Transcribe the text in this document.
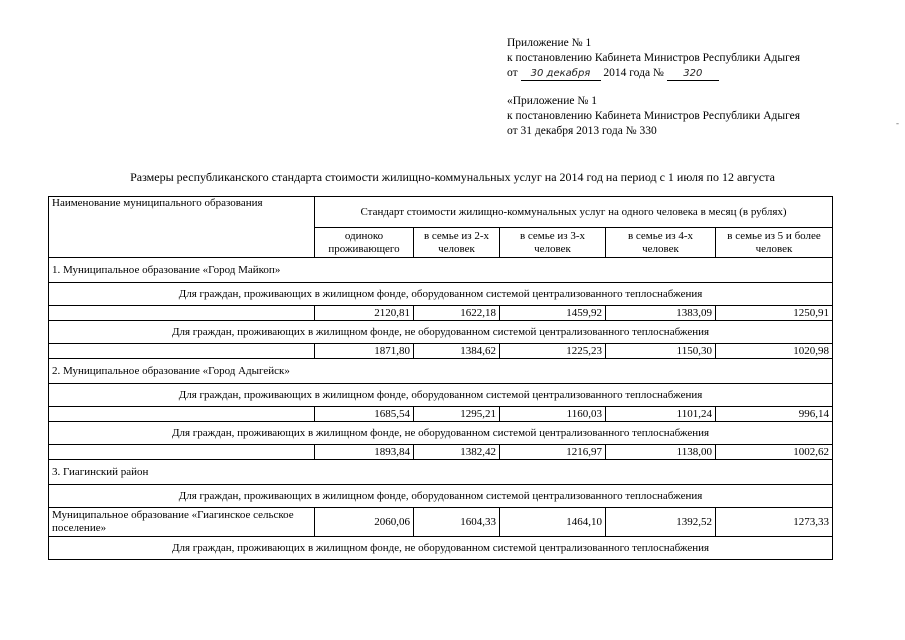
Приложение № 1
к постановлению Кабинета Министров Республики Адыгея
от 30 декабря 2014 года № 320
«Приложение № 1
к постановлению Кабинета Министров Республики Адыгея
от 31 декабря 2013 года № 330
-
Размеры республиканского стандарта стоимости жилищно-коммунальных услуг на 2014 год на период с 1 июля по 12 августа
Наименование муниципального образования	Стандарт стоимости жилищно-коммунальных услуг на одного человека в месяц (в рублях)				
	одиноко проживающего	в семье из 2-х человек	в семье из 3-х человек	в семье из 4-х человек	в семье из 5 и более человек
1. Муниципальное образование «Город Майкоп»					
Для граждан, проживающих в жилищном фонде, оборудованном системой централизованного теплоснабжения					
	2120,81	1622,18	1459,92	1383,09	1250,91
Для граждан, проживающих в жилищном фонде, не оборудованном системой централизованного теплоснабжения					
	1871,80	1384,62	1225,23	1150,30	1020,98
2. Муниципальное образование «Город Адыгейск»					
Для граждан, проживающих в жилищном фонде, оборудованном системой централизованного теплоснабжения					
	1685,54	1295,21	1160,03	1101,24	996,14
Для граждан, проживающих в жилищном фонде, не оборудованном системой централизованного теплоснабжения					
	1893,84	1382,42	1216,97	1138,00	1002,62
3. Гиагинский район					
Для граждан, проживающих в жилищном фонде, оборудованном системой централизованного теплоснабжения					
Муниципальное образование «Гиагинское сельское поселение»	2060,06	1604,33	1464,10	1392,52	1273,33
Для граждан, проживающих в жилищном фонде, не оборудованном системой централизованного теплоснабжения					
